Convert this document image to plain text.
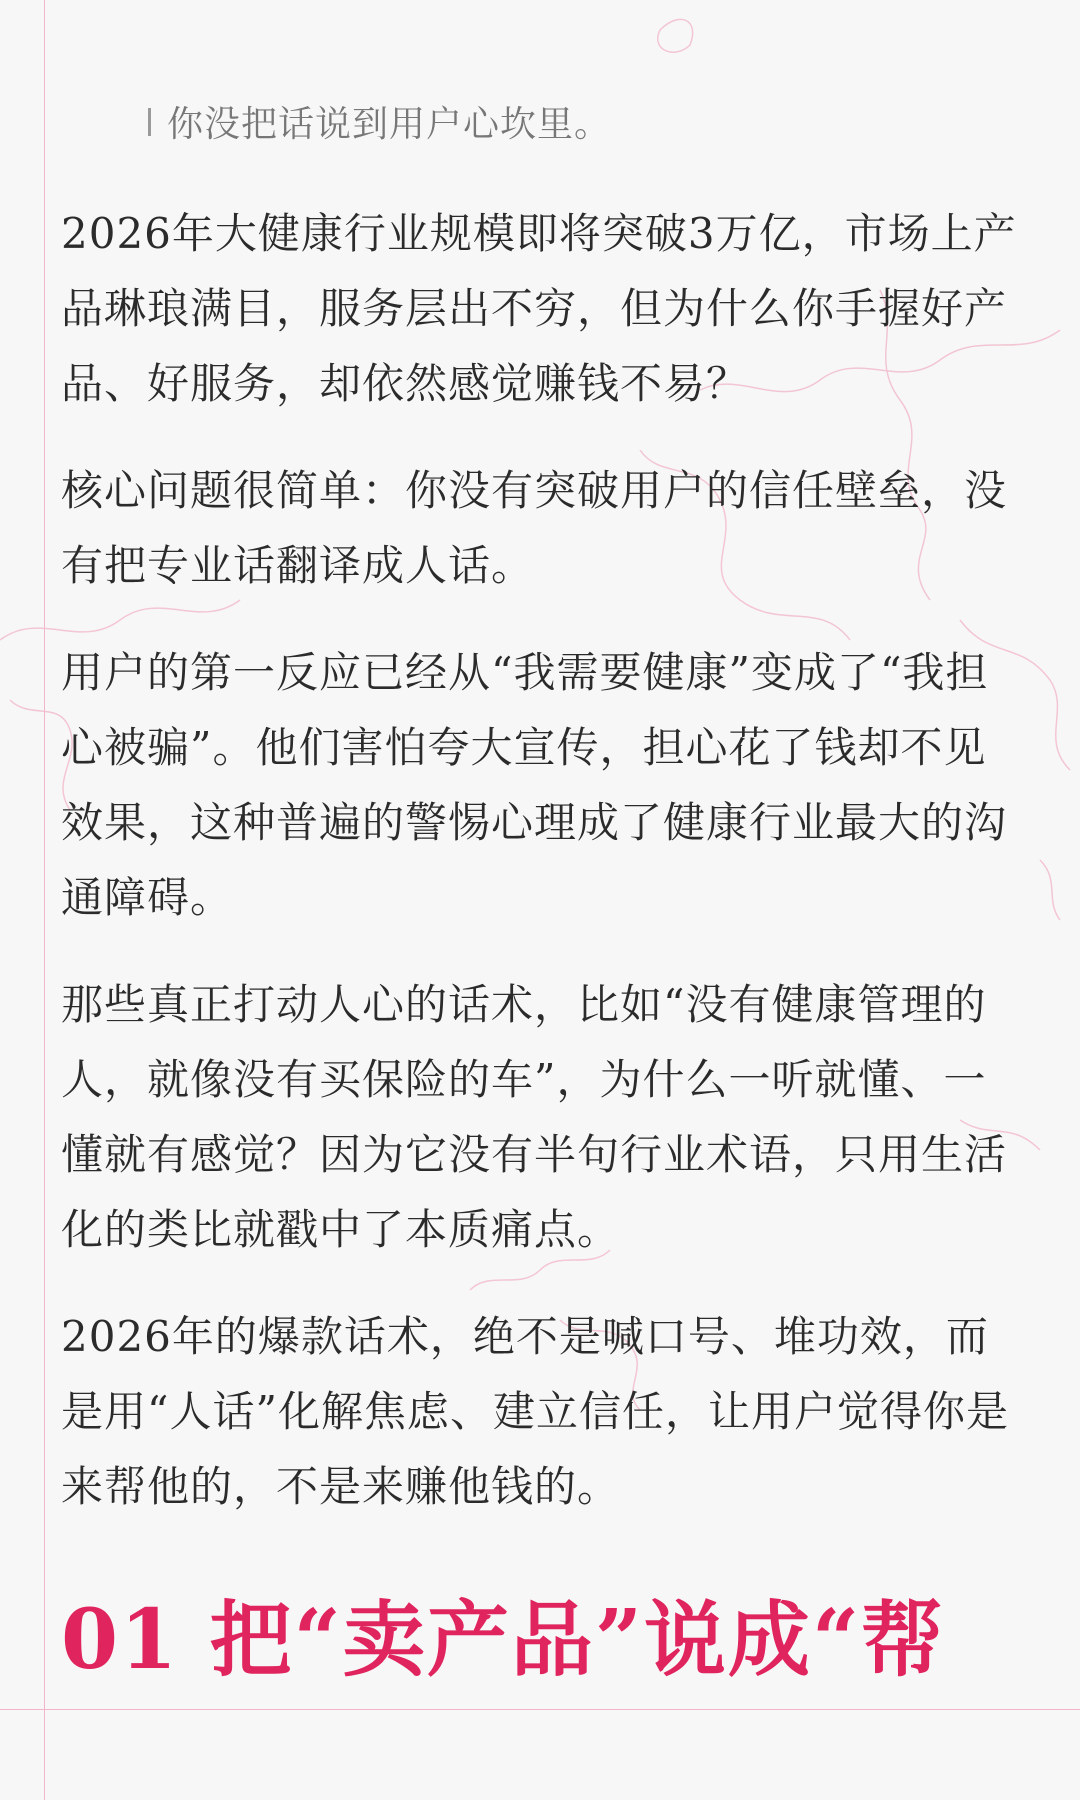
你没把话说到用户心坎里。

2026年大健康行业规模即将突破3万亿，市场上产品琳琅满目，服务层出不穷，但为什么你手握好产品、好服务，却依然感觉赚钱不易？

核心问题很简单：你没有突破用户的信任壁垒，没有把专业话翻译成人话。

用户的第一反应已经从“我需要健康”变成了“我担心被骗”。他们害怕夸大宣传，担心花了钱却不见效果，这种普遍的警惕心理成了健康行业最大的沟通障碍。

那些真正打动人心的话术，比如“没有健康管理的人，就像没有买保险的车”，为什么一听就懂、一懂就有感觉？因为它没有半句行业术语，只用生活化的类比就戳中了本质痛点。

2026年的爆款话术，绝不是喊口号、堆功效，而是用“人话”化解焦虑、建立信任，让用户觉得你是来帮他的，不是来赚他钱的。

01 把“卖产品”说成“帮
